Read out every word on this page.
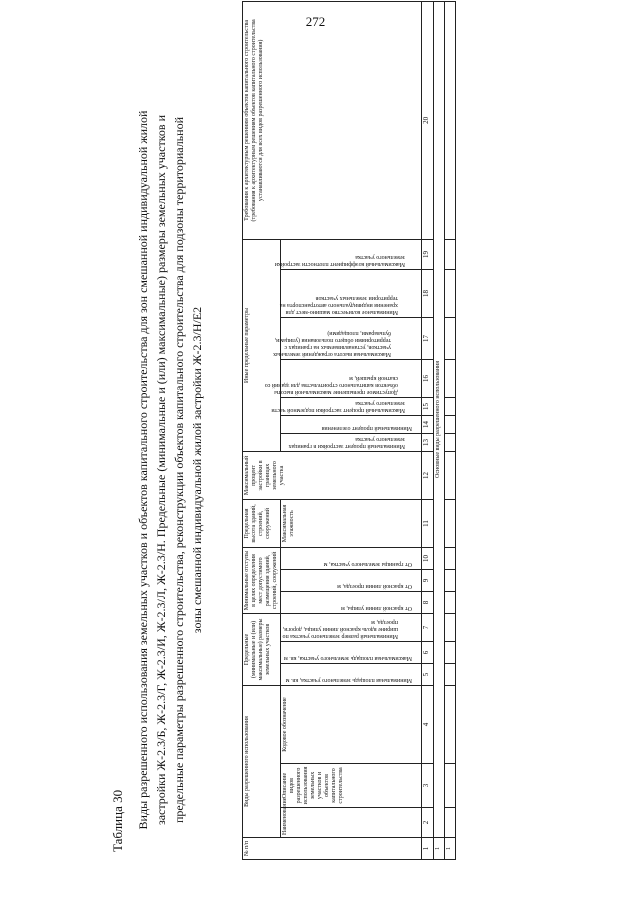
272
Таблица 30 Виды разрешенного использования земельных участков и объектов капитального строительства для зон смешанной индивидуальной жилой застройки Ж-2.3/Б, Ж-2.3/Г, Ж-2.3/И, Ж-2.3/Л, Ж-2.3/Н. Предельные (минимальные и (или) максимальные) размеры земельных участков и предельные параметры разрешенного строительства, реконструкции объектов капитального строительства для подзоны территориальной зоны смешанной индивидуальной жилой застройки Ж-2.3/Н/Е2
№ п/п	Виды разрешенного использования			Предельные (минимальные и (или) максимальные) размеры земельных участков			Минимальные отступы в целях определения мест допустимого размещения зданий, строений, сооружений			Предельная высота зданий, строений, сооружений	Максимальный процент застройки в границах земельного участка	Иные предельные параметры							Требования к архитектурным решениям объектов капитального строительства (требования к архитектурным решениям объектов капитального строительства устанавливаются для всех видов разрешенного использования)
	Наименование	Описание видов разрешенного использования земельных участков и объектов капитального строительства	Кодовое обозначение	Минимальная площадь земельного участка, кв. м	Максимальная площадь земельного участка, кв. м	Минимальный размер земельного участка по ширине вдоль красной линии улицы, дороги, проезда, м	От красной линии улицы, м	От красной линии проезда, м	От границы земельного участка, м	Максимальная этажность		Минимальный процент застройки в границах земельного участка	Минимальный процент озеленения	Максимальный процент застройки подземной части земельного участка	Допустимое превышение максимальной высоты объектов капитального строительства для зданий со скатной крышей, м	Максимальная высота ограждений земельных участков, устанавливаемых на границах с территориями общего пользования (улицами, бульварами, площадями)	Минимальное количество машино-мест для хранения индивидуального автотранспорта на территории земельных участков	Максимальный коэффициент плотности застройки земельного участка	

1	2	3	4	5	6	7	8	9	10	11	12	13	14	15	16	17	18	19	20
1	Основные виды разрешенного использования																		
1																			
